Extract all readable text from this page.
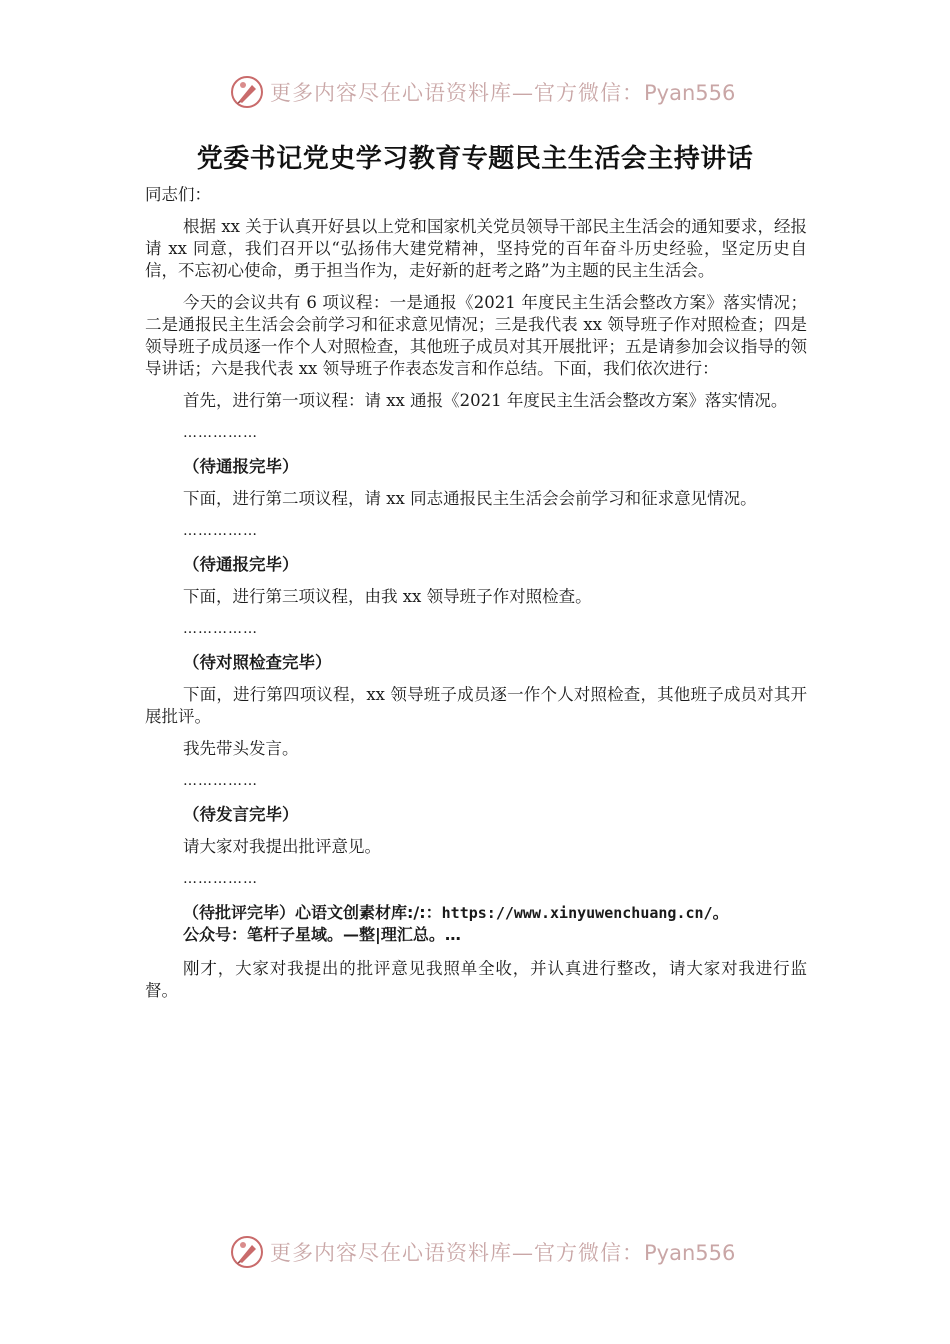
更多内容尽在心语资料库—官方微信：Pyan556
党委书记党史学习教育专题民主生活会主持讲话

同志们：

根据 xx 关于认真开好县以上党和国家机关党员领导干部民主生活会的通知要求，经报请 xx 同意，我们召开以“弘扬伟大建党精神，坚持党的百年奋斗历史经验，坚定历史自信，不忘初心使命，勇于担当作为，走好新的赶考之路”为主题的民主生活会。

今天的会议共有 6 项议程：一是通报《2021 年度民主生活会整改方案》落实情况；二是通报民主生活会会前学习和征求意见情况；三是我代表 xx 领导班子作对照检查；四是领导班子成员逐一作个人对照检查，其他班子成员对其开展批评；五是请参加会议指导的领导讲话；六是我代表 xx 领导班子作表态发言和作总结。下面，我们依次进行：

首先，进行第一项议程：请 xx 通报《2021 年度民主生活会整改方案》落实情况。

……………

（待通报完毕）

下面，进行第二项议程，请 xx 同志通报民主生活会会前学习和征求意见情况。

……………

（待通报完毕）

下面，进行第三项议程，由我 xx 领导班子作对照检查。

……………

（待对照检查完毕）

下面，进行第四项议程，xx 领导班子成员逐一作个人对照检查，其他班子成员对其开展批评。

我先带头发言。

……………

（待发言完毕）

请大家对我提出批评意见。

……………

（待批评完毕）心语文创素材库:/:：https://www.xinyuwenchuang.cn/。
公众号：笔杆子星域。—整|理汇总。…

刚才，大家对我提出的批评意见我照单全收，并认真进行整改，请大家对我进行监督。

更多内容尽在心语资料库—官方微信：Pyan556
